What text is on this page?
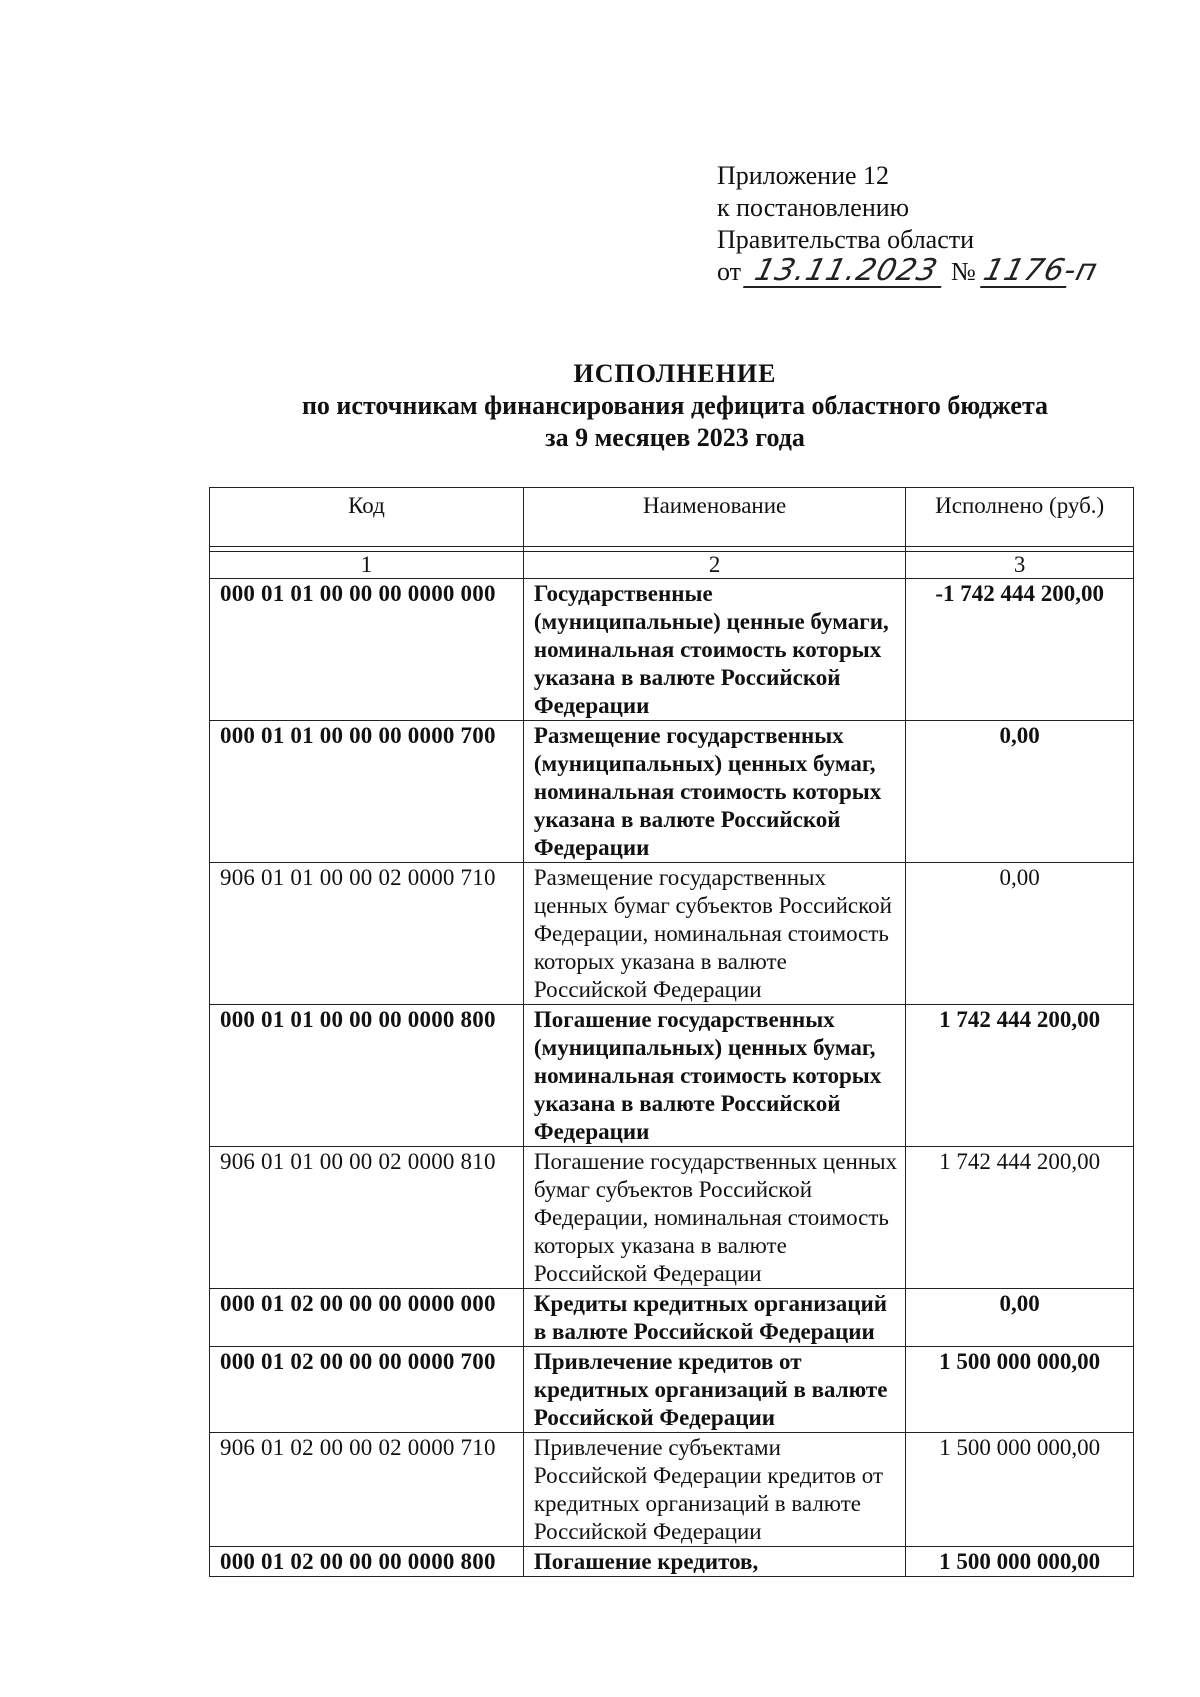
Приложение 12
к постановлению
Правительства области
от 13.11.2023 № 1176-п
ИСПОЛНЕНИЕ
по источникам финансирования дефицита областного бюджета
за 9 месяцев 2023 года
Код	Наименование	Исполнено (руб.)

1	2	3
000 01 01 00 00 00 0000 000	Государственные (муниципальные) ценные бумаги, номинальная стоимость которых указана в валюте Российской Федерации	-1 742 444 200,00
000 01 01 00 00 00 0000 700	Размещение государственных (муниципальных) ценных бумаг, номинальная стоимость которых указана в валюте Российской Федерации	0,00
906 01 01 00 00 02 0000 710	Размещение государственных ценных бумаг субъектов Российской Федерации, номинальная стоимость которых указана в валюте Российской Федерации	0,00
000 01 01 00 00 00 0000 800	Погашение государственных (муниципальных) ценных бумаг, номинальная стоимость которых указана в валюте Российской Федерации	1 742 444 200,00
906 01 01 00 00 02 0000 810	Погашение государственных ценных бумаг субъектов Российской Федерации, номинальная стоимость которых указана в валюте Российской Федерации	1 742 444 200,00
000 01 02 00 00 00 0000 000	Кредиты кредитных организаций в валюте Российской Федерации	0,00
000 01 02 00 00 00 0000 700	Привлечение кредитов от кредитных организаций в валюте Российской Федерации	1 500 000 000,00
906 01 02 00 00 02 0000 710	Привлечение субъектами Российской Федерации кредитов от кредитных организаций в валюте Российской Федерации	1 500 000 000,00
000 01 02 00 00 00 0000 800	Погашение кредитов,	1 500 000 000,00
